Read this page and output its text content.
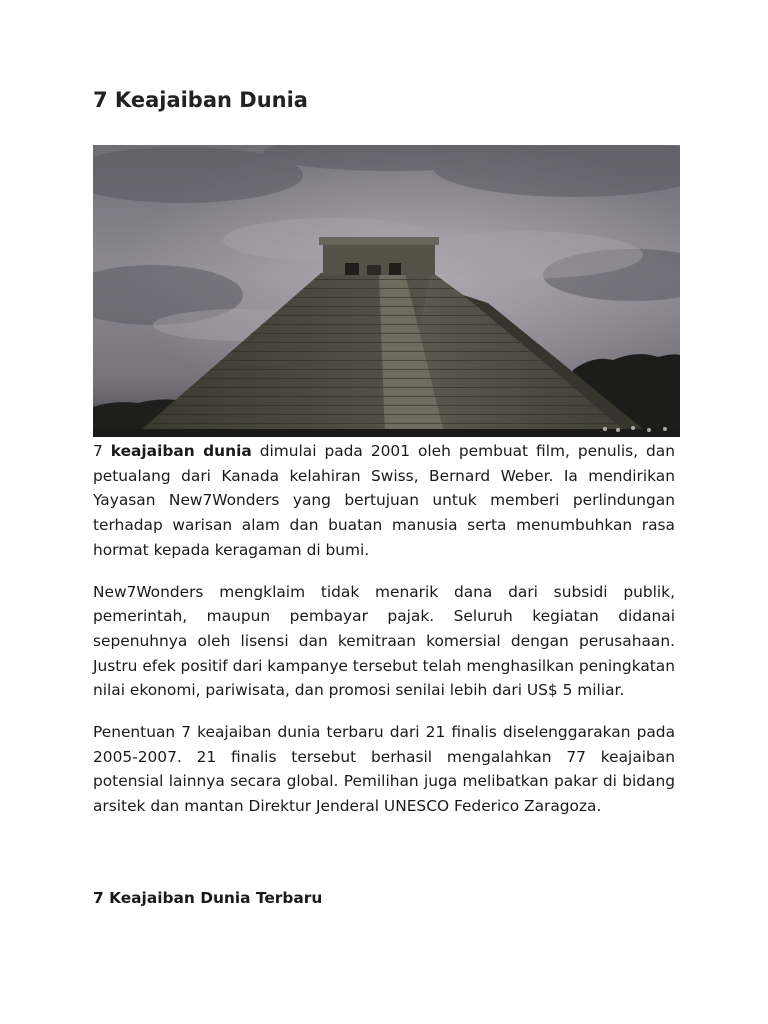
7 Keajaiban Dunia

7 keajaiban dunia dimulai pada 2001 oleh pembuat film, penulis, dan petualang dari Kanada kelahiran Swiss, Bernard Weber. Ia mendirikan Yayasan New7Wonders yang bertujuan untuk memberi perlindungan terhadap warisan alam dan buatan manusia serta menumbuhkan rasa hormat kepada keragaman di bumi.

New7Wonders mengklaim tidak menarik dana dari subsidi publik, pemerintah, maupun pembayar pajak. Seluruh kegiatan didanai sepenuhnya oleh lisensi dan kemitraan komersial dengan perusahaan. Justru efek positif dari kampanye tersebut telah menghasilkan peningkatan nilai ekonomi, pariwisata, dan promosi senilai lebih dari US$ 5 miliar.

Penentuan 7 keajaiban dunia terbaru dari 21 finalis diselenggarakan pada 2005-2007. 21 finalis tersebut berhasil mengalahkan 77 keajaiban potensial lainnya secara global. Pemilihan juga melibatkan pakar di bidang arsitek dan mantan Direktur Jenderal UNESCO Federico Zaragoza.

7 Keajaiban Dunia Terbaru
